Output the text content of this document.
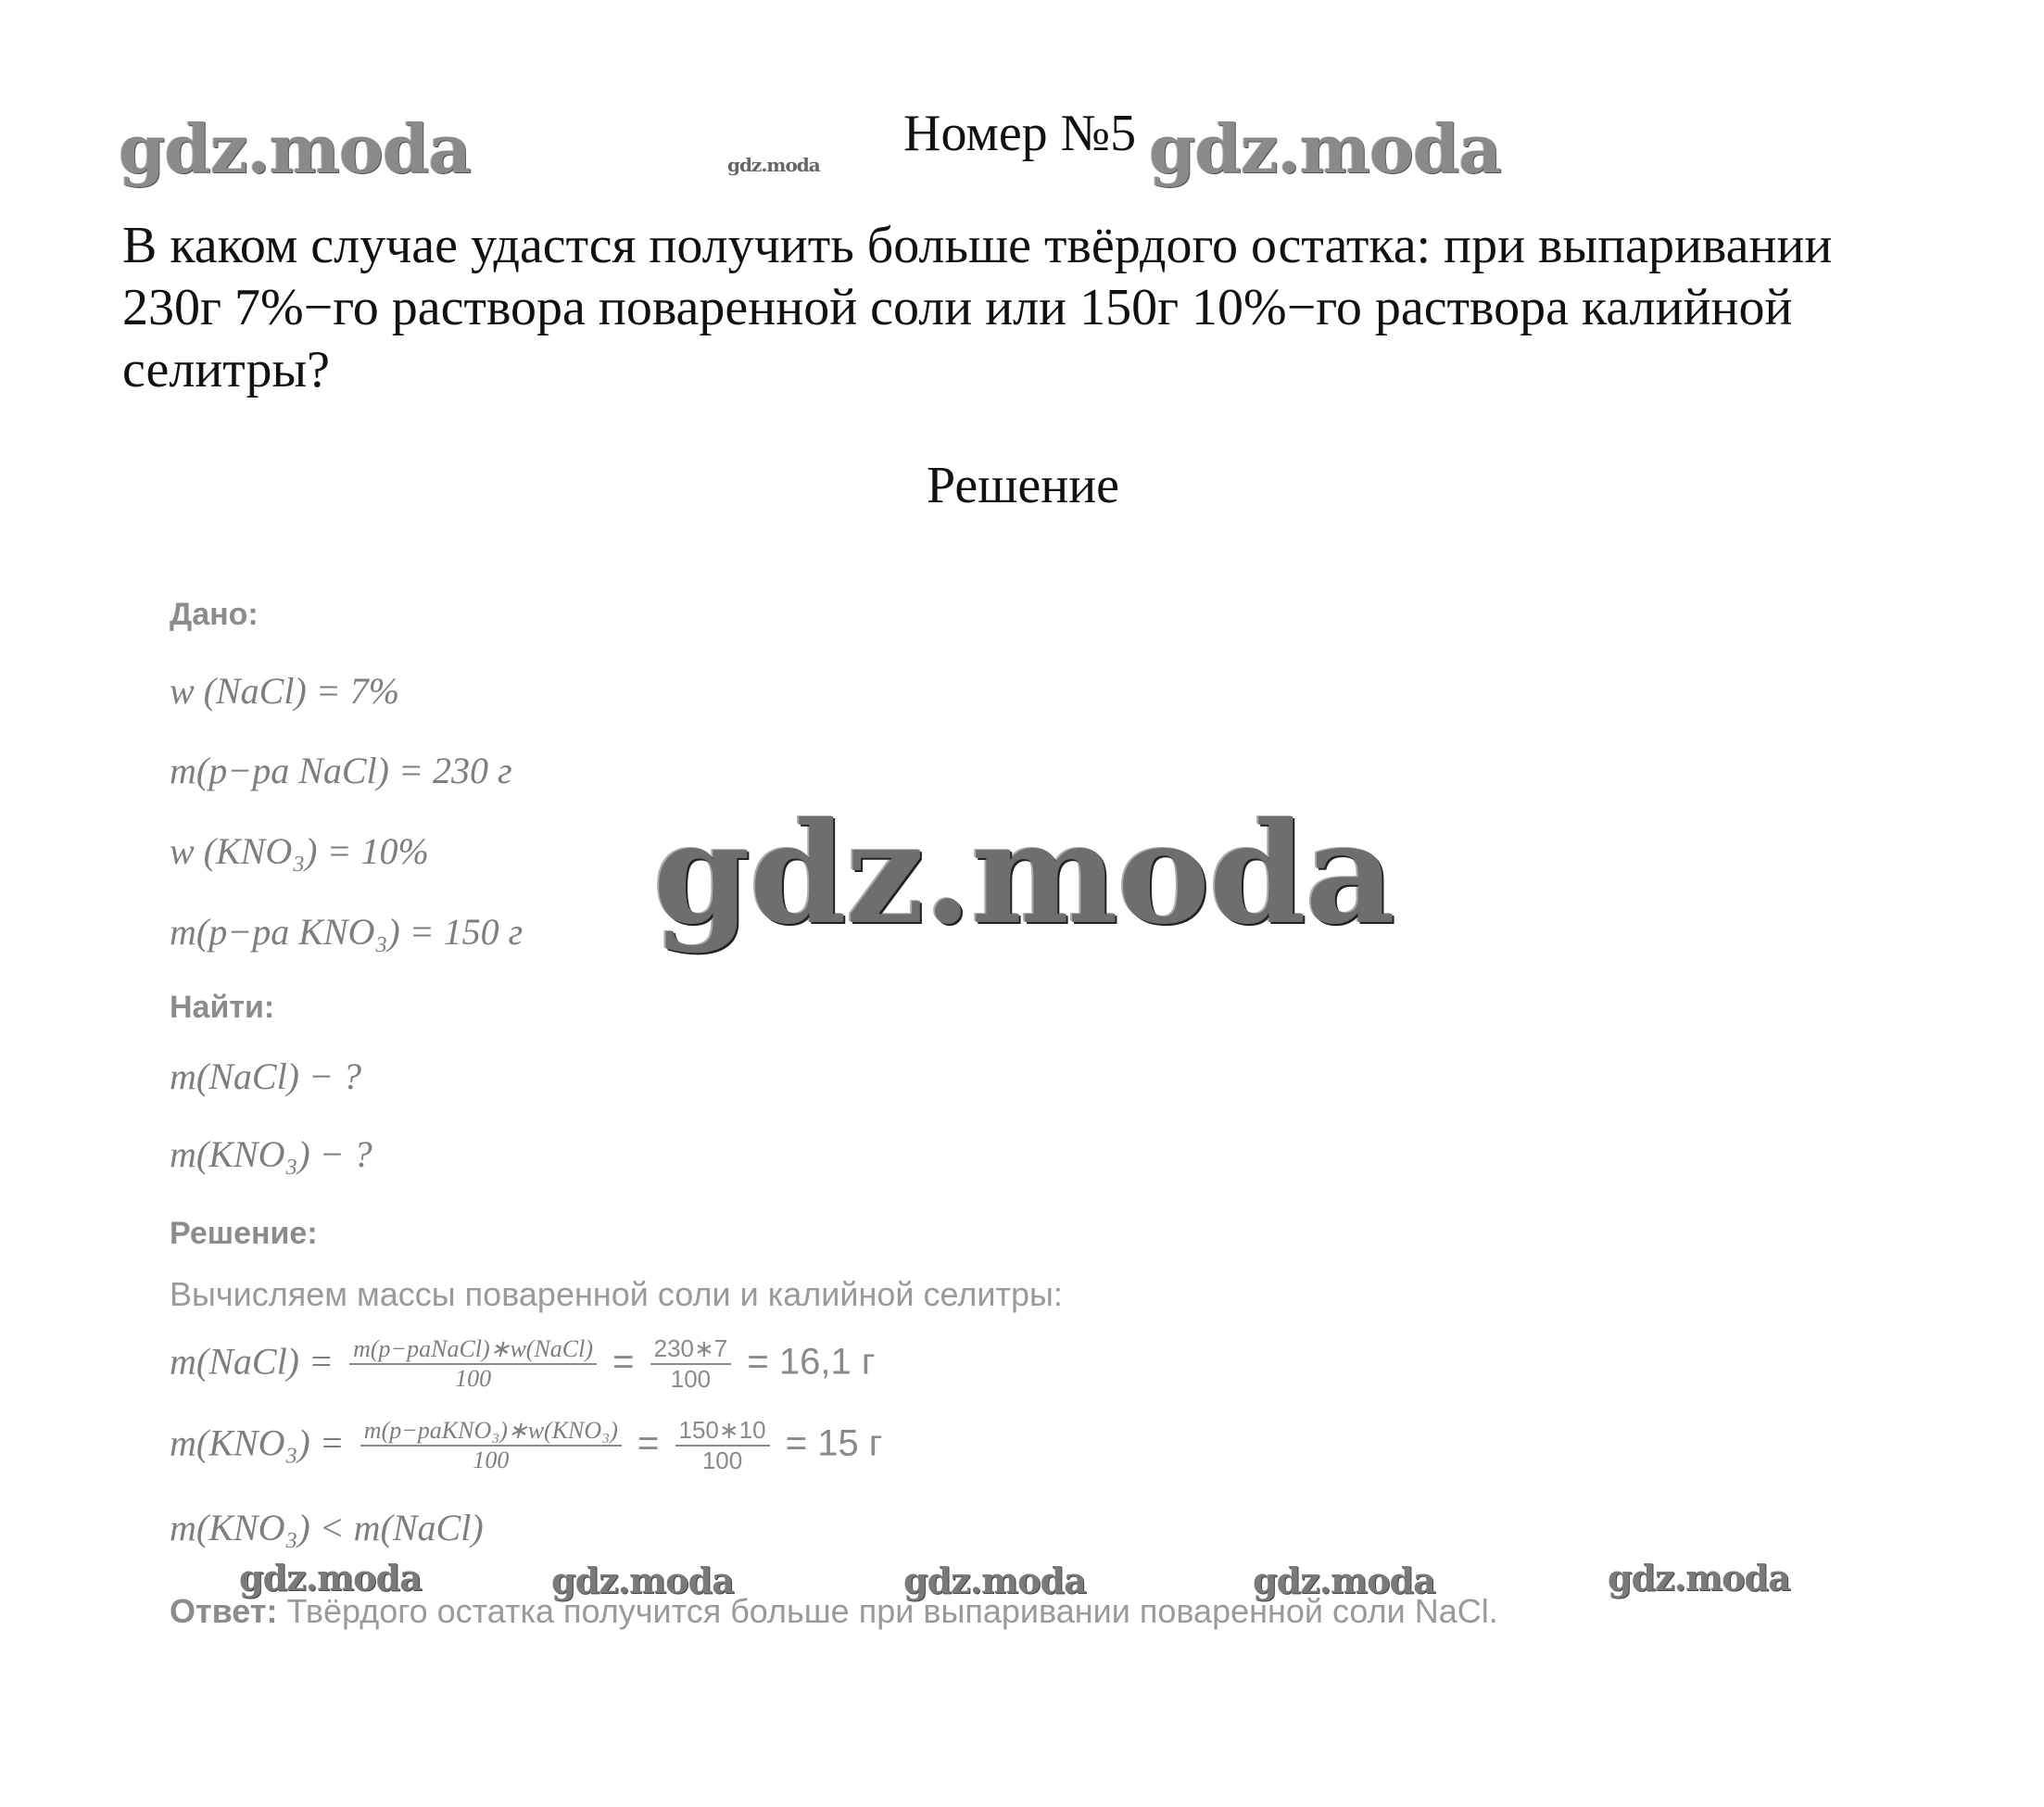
gdz.moda	gdz.moda	gdz.moda
gdz.moda
gdz.moda	gdz.moda	gdz.moda	gdz.moda	gdz.moda
Номер №5
В каком случае удастся получить больше твёрдого остатка: при выпаривании 230г 7%−го раствора поваренной соли или 150г 10%−го раствора калийной селитры?
Решение
Дано:
w (NaCl) = 7%
m(р−ра NaCl) = 230 г
w (KNO₃) = 10%
m(р−ра KNO₃) = 150 г
Найти:
m(NaCl) − ?
m(KNO₃) − ?
Решение:
Вычисляем массы поваренной соли и калийной селитры:
m(NaCl) = $\frac{\text{m(р−раNaCl)∗w(NaCl)}}{100} = \frac{230∗7}{100} = 16,1$ г
$m(KNO_3) = \frac{\text{m(р−раKNO₃)∗w(KNO₃)}}{100} = \frac{150∗10}{100} = 15$ г
m(KNO₃) < m(NaCl)
Ответ: Твёрдого остатка получится больше при выпаривании поваренной соли NaCl.
